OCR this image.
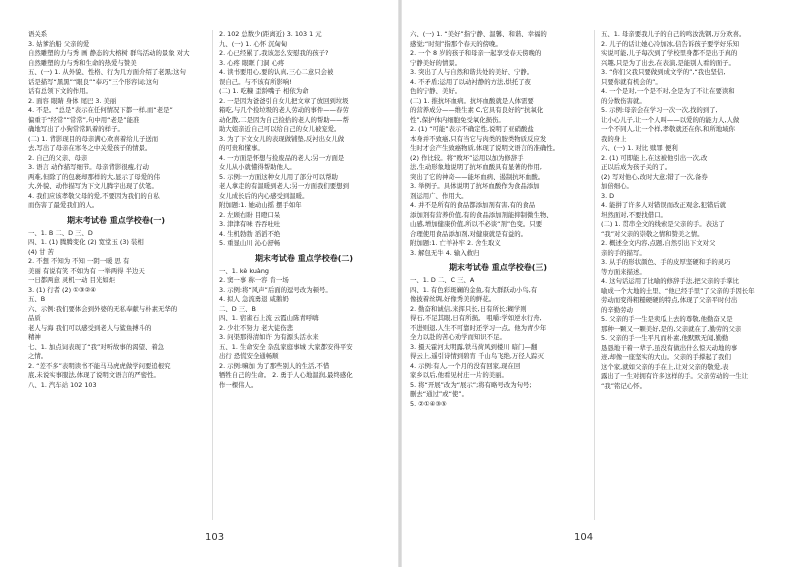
语关系
3. 姑爹治船 父亲的爱
自然雕塑的力与秀 画 静态的大榕树 群鸟活动的景象 对大
自然雕塑的力与秀和生命的热爱与赞美
五、(一) 1. 从外貌、性格、行为几方面介绍了老黑;这句
话是描写“黑黑”“眼良”“奉巧”三个形容词;这句
话有总领下文的作用。
2. 面容 眼睛 身体 尾巴 3. 美丽
4. 不是。“总是”表示在任何情况下都一样,而“老是”
偏重于“经常”“常常”,句中用“老是”能准
确地写出了小狗常常趴着的样子。
(二) 1. 背影现目的母亲满心欢喜着给儿子送而
去,写出了母亲在寒冬之中关爱孩子的情景。
2. 自己的父亲、母亲
3. 语言 动作描写细节。母亲背影很瘦,行动
两难,但除了的包裹却那样的大,显示了母爱的伟
大,外貌、动作描写为下文儿腾宇出现了伏笔。
4. 我们应该孝敬父母的爱,不要因为我们的自私
而伤害了最爱我们的人。
期末考试卷 重点学校卷(一)
一、1. B 二、D 三、D
四、1. (1) 腾腾变化 (2) 宽堂玉 (3) 装相
(4) 甘 苦
2. 不想 不知为 不知 一阴一暖 思 有
美丽 有说有笑 不如为有 一举两得 半边天
一日都两意 灵机一动 目光如炬
3. (1) 行者 (2) ①③②④
五、B
六、示例:我们要体会到外婆的无私奉献与朴素无华的
品质
老人与海 我们可以感受到老人与鲨鱼搏斗的
精神
七、1. 加点词表现了“我”对听故事的渴望、着急
之情。
2. “差不多”表明读书不能马马虎虎做学问要追根究
底,未说实事服法,体现了说明文语言的严密性。
八、1. 汽车站 102 103
2. 102 总数少(距离近) 3. 103 1 元
九、(一) 1. 心怀 沉甸甸
2. 心已经累了,我该怎么安慰我的孩子?
3. 心疼 眼眶 门洞 心疼
4. 读书要用心,要的认真,三心二意只会被
误自己。与不该有所影响!
(二) 1. 吃糠 歪龄嘴子 相依为命
2. 一是因为爸爸引自女儿把文章了放回到垃圾
箱吃,与几个捡垃圾的老人劳动的事件——春劳
动化散,二是因为自己捡拾的老人的帮助——帮
助大姐亲近自己可以给自己的女儿被宠爱。
3. 为了下文女儿的表现做铺垫,反衬出女儿做
的可贵和懂事。
4. 一方面是怀想与捡废品的老人;另一方面是
女儿从小就懂得帮助他人。
5. 示例:一方面这种女儿用了部分可以帮助
老人拿走的有温暖到老人;另一方面我们要想到
女儿成长后的内心感受到温暖。
附加题:1. 她动山摇 摆手如年
2. 左顾右盼 目瞪口呆
3. 津津有味 吞吞吐吐
4. 生机勃勃 滔滔不绝
5. 重显山川 沁心舒畅
期末考试卷 重点学校卷(二)
一、1. kè kuàng
2. 窦一事 称一容 肯一场
3. 示例:将“风声”后面的逗号改为顿号。
4. 拟人 急流勇退 咸鹅奶
二、D 三、B
四、1. 宿雀石上流 云霞山陈青呼嗨
2. 少壮不努力 老大徒伤悲
3. 问渠那得清如许 为有源头活水来
五、1. 生命安全 杂乱家庭事城 大家都安得平安
出行 恐慌安全通畅顺
2. 示例:嘛加 为了那些别人的生活,不惜
牺牲自己的生命。 2. 勇于人心地温润,最终感化
作一棵伟人。
103
六、(一) 1. “美好”指宁静、温馨、和谐、幸福的
感觉;“时刻”指那个春天的傍晚。
2. 一个 8 岁的孩子和母亲一起享受春天傍晚的
宁静美好的情景。
3. 突出了人与自然和谐共处的美好、宁静。
4. 不矛盾;运用了以动衬静的方法,烘托了夜
色的宁静、美好。
(二) 1. 推抗坏血病。抗坏血酸就是人体需要
的营养成分——维生素 C,它具有良好的“抗氧化
性”,保护体内细胞免受氧化损伤。
2. (1) “可能”表示不确定性,说明了亚硝酸盐
本身并不致癌,只有当它与肉类的胺类物质反应发
生时才会产生致癌物质,体现了说明文语言的准确性。
(2) 作比较。将“败坏”运用以加为修辞手
法,生动形象地说明了抗坏血酸具有显著的作用,
突出了它的神奇——能坏血病、遏制抗坏血酸。
3. 举例子。具体说明了抗坏血酸作为食品添加
剂运用广、作用大。
4. 并不是所有的食品都添加剂有害,有的食品
添加剂有营养价值,有的食品添加剂能抑制微生物、
山感,增加健康价值,所以不必谈“剂”色变。只要
合理使用食品添加剂,对健康就是有益的。
附加题:1. 亡羊补牢 2. 舍生取义
3. 解包无牛 4. 输入救归
期末考试卷 重点学校卷(三)
一、1. D 二、C 三、A
四、1. 有色彩斑斓的金鱼,有大群跃动小鸟,有
像披着丝绸,好像秀美的鲜花。
2. 勤奋和诚信,来挥只长,日有所长;糊学则
得石,不足其眼,日有所损。 咀嚼:学如逆水行舟,
不进则退,人生不可靠时还学习一点。他为青少年
全力以赴的苦心劝学而知识不足。
3. 摄天霍河太明露,铁马荷风到楼川 暗门—翻
得云上,遥引诗情到碧宵 千山鸟飞绝,万径人踪灭
4. 示例:有人,一个月的没有回家,现在回
家乡以后,他看见村庄一片的美丽。
5. 将“开展”改为“展示”;将有略号改为句号;
删去“通过”或“使”。
5. ②①④③⑤
五、1. 母亲要我儿子的自己的鸣汝洗钢,万分欢喜。
2. 儿子的话让她心冷加冰,信告诉孩子要学好乐知
实说可能,儿子每次到了学校里身都不是出于真的
兴趣,只是为了出去,在表演,是能别人看的面子。
3. “你们父我只要做到成文学的”,“我也坚信,
只要你就有机会的”。
4. 一个是对,一个是不对,全是为了不让在要读和
的分数伤害就。
5. 示例:母亲会在学习一次一次,找的到了,
让小心儿子,让一个人叫——以爱的的能力人,人做
一个不同人,让一个样,孝敬就还在你,和所地域你
我的身上
六、(一) 1. 对比 赎罪 便利
2. (1) 可即能上,在这被他引出一次,改
正以后成为孩子关的了。
(2) 写对他心,改时大意;错了一次,备券
加倍细心。
3. D
4. 能拼了许多人对错误而改正观念,犯错后就
坦然面对,不要找借口。
(二) 1. 贯串全文的线索是父亲的手。表达了
“我”对父亲的崇敬之情和赞美之情。
2. 概述全文内容,点题,自然引出下文对父
亲的手的描写。
3. 从手的形状颜色、手的皮厚坚硬和手的灵巧
等方面来描述。
4. 这句话运用了比喻的修辞手法,把父亲的手掌比
喻成一个大地的土里、“他已经手里”了父亲的手因长年
劳动而变得粗糙硬硬的特点,体现了父亲平时付出
的辛勤劳动
5. 父亲的手一生是卖瓜上去的尊敬,他勤奋又是
那种一颗又一颗美好,是的,父亲就在了,勤劳的父亲
5. 父亲的手一生平凡而朴素,他默默无闻,勤勤
恳恳地干着一辈子,虽没有做出什么惊天动地的事
迹,却像一座坚实的大山。父亲的手撑起了我们
这个家,就如父亲的手在上,让对父亲的敬爱,表
露出了一生对拥有许多这样的手。父亲劳动的一生让
“我”铭记心怀。
104
